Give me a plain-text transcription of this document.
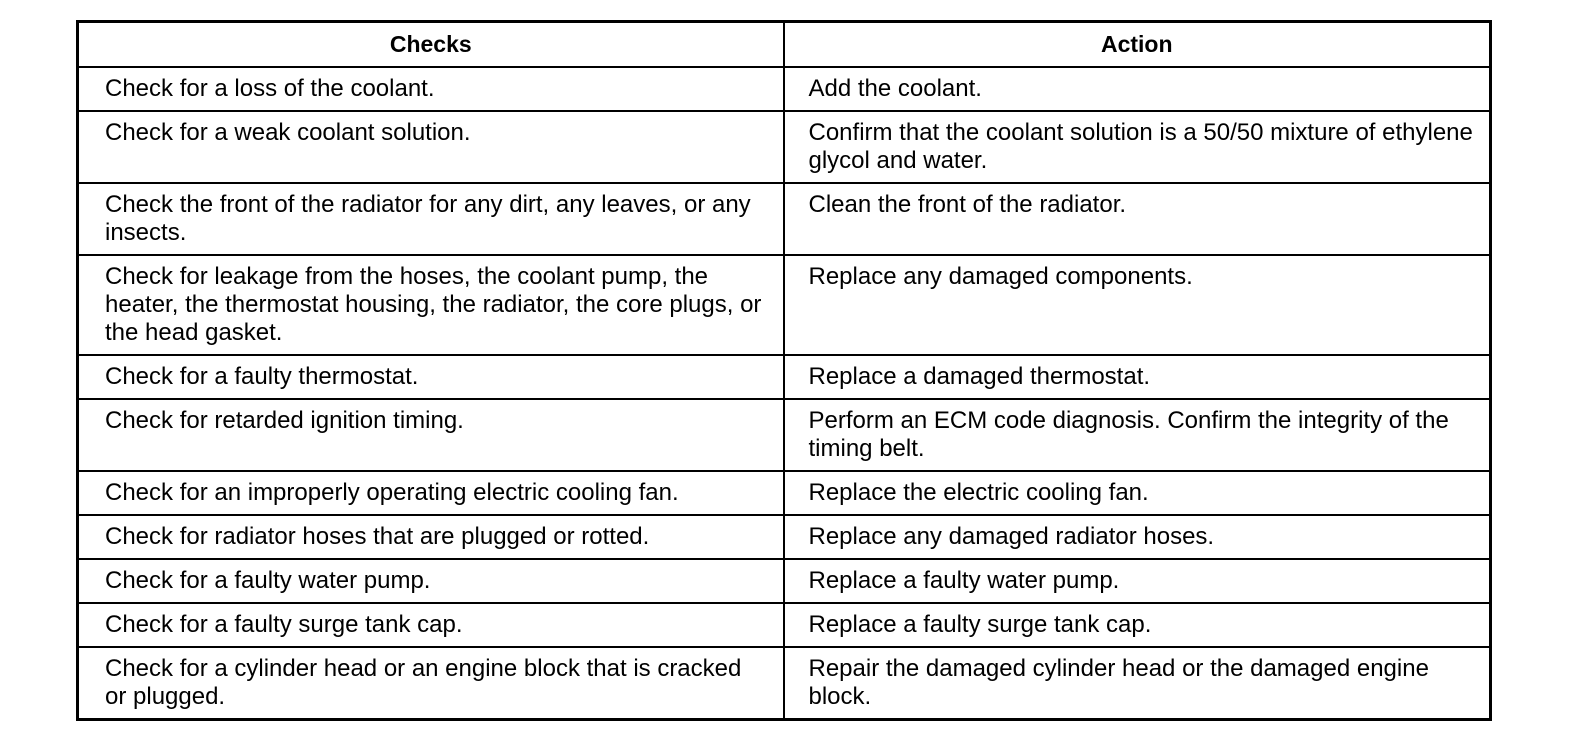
Checks	Action
Check for a loss of the coolant.	Add the coolant.
Check for a weak coolant solution.	Confirm that the coolant solution is a 50/50 mixture of ethylene glycol and water.
Check the front of the radiator for any dirt, any leaves, or any insects.	Clean the front of the radiator.
Check for leakage from the hoses, the coolant pump, the heater, the thermostat housing, the radiator, the core plugs, or the head gasket.	Replace any damaged components.
Check for a faulty thermostat.	Replace a damaged thermostat.
Check for retarded ignition timing.	Perform an ECM code diagnosis. Confirm the integrity of the timing belt.
Check for an improperly operating electric cooling fan.	Replace the electric cooling fan.
Check for radiator hoses that are plugged or rotted.	Replace any damaged radiator hoses.
Check for a faulty water pump.	Replace a faulty water pump.
Check for a faulty surge tank cap.	Replace a faulty surge tank cap.
Check for a cylinder head or an engine block that is cracked or plugged.	Repair the damaged cylinder head or the damaged engine block.
